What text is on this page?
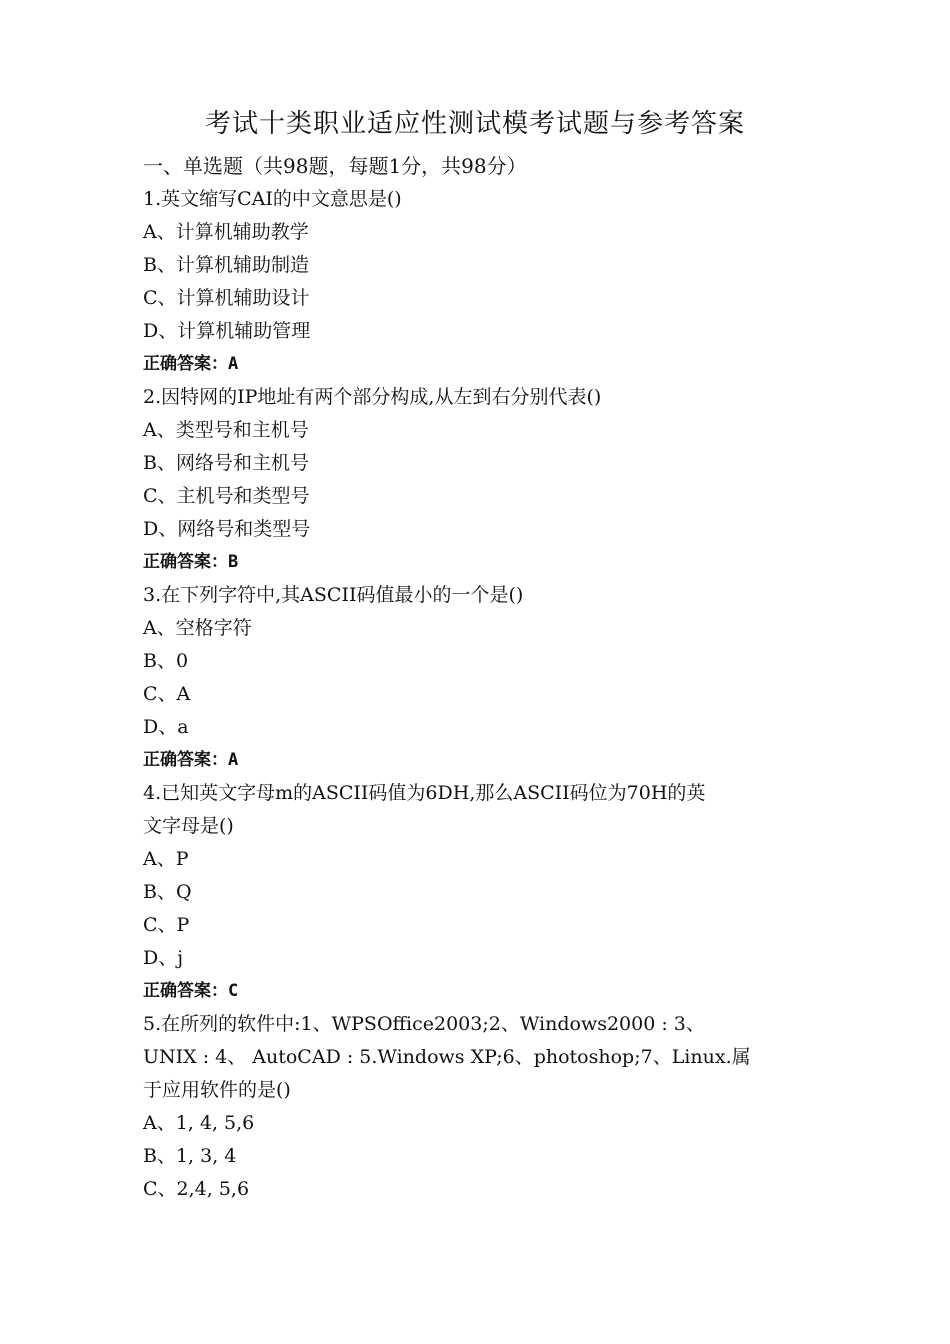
考试十类职业适应性测试模考试题与参考答案
一、单选题（共98题，每题1分，共98分）
1.英文缩写CAI的中文意思是()
A、计算机辅助教学
B、计算机辅助制造
C、计算机辅助设计
D、计算机辅助管理
正确答案：A
2.因特网的IP地址有两个部分构成,从左到右分别代表()
A、类型号和主机号
B、网络号和主机号
C、主机号和类型号
D、网络号和类型号
正确答案：B
3.在下列字符中,其ASCII码值最小的一个是()
A、空格字符
B、0
C、A
D、a
正确答案：A
4.已知英文字母m的ASCII码值为6DH,那么ASCII码位为70H的英
文字母是()
A、P
B、Q
C、P
D、j
正确答案：C
5.在所列的软件中:1、WPSOffice2003;2、Windows2000 : 3、
UNIX : 4、 AutoCAD : 5.Windows XP;6、photoshop;7、Linux.属
于应用软件的是()
A、1, 4, 5,6
B、1, 3, 4
C、2,4, 5,6
